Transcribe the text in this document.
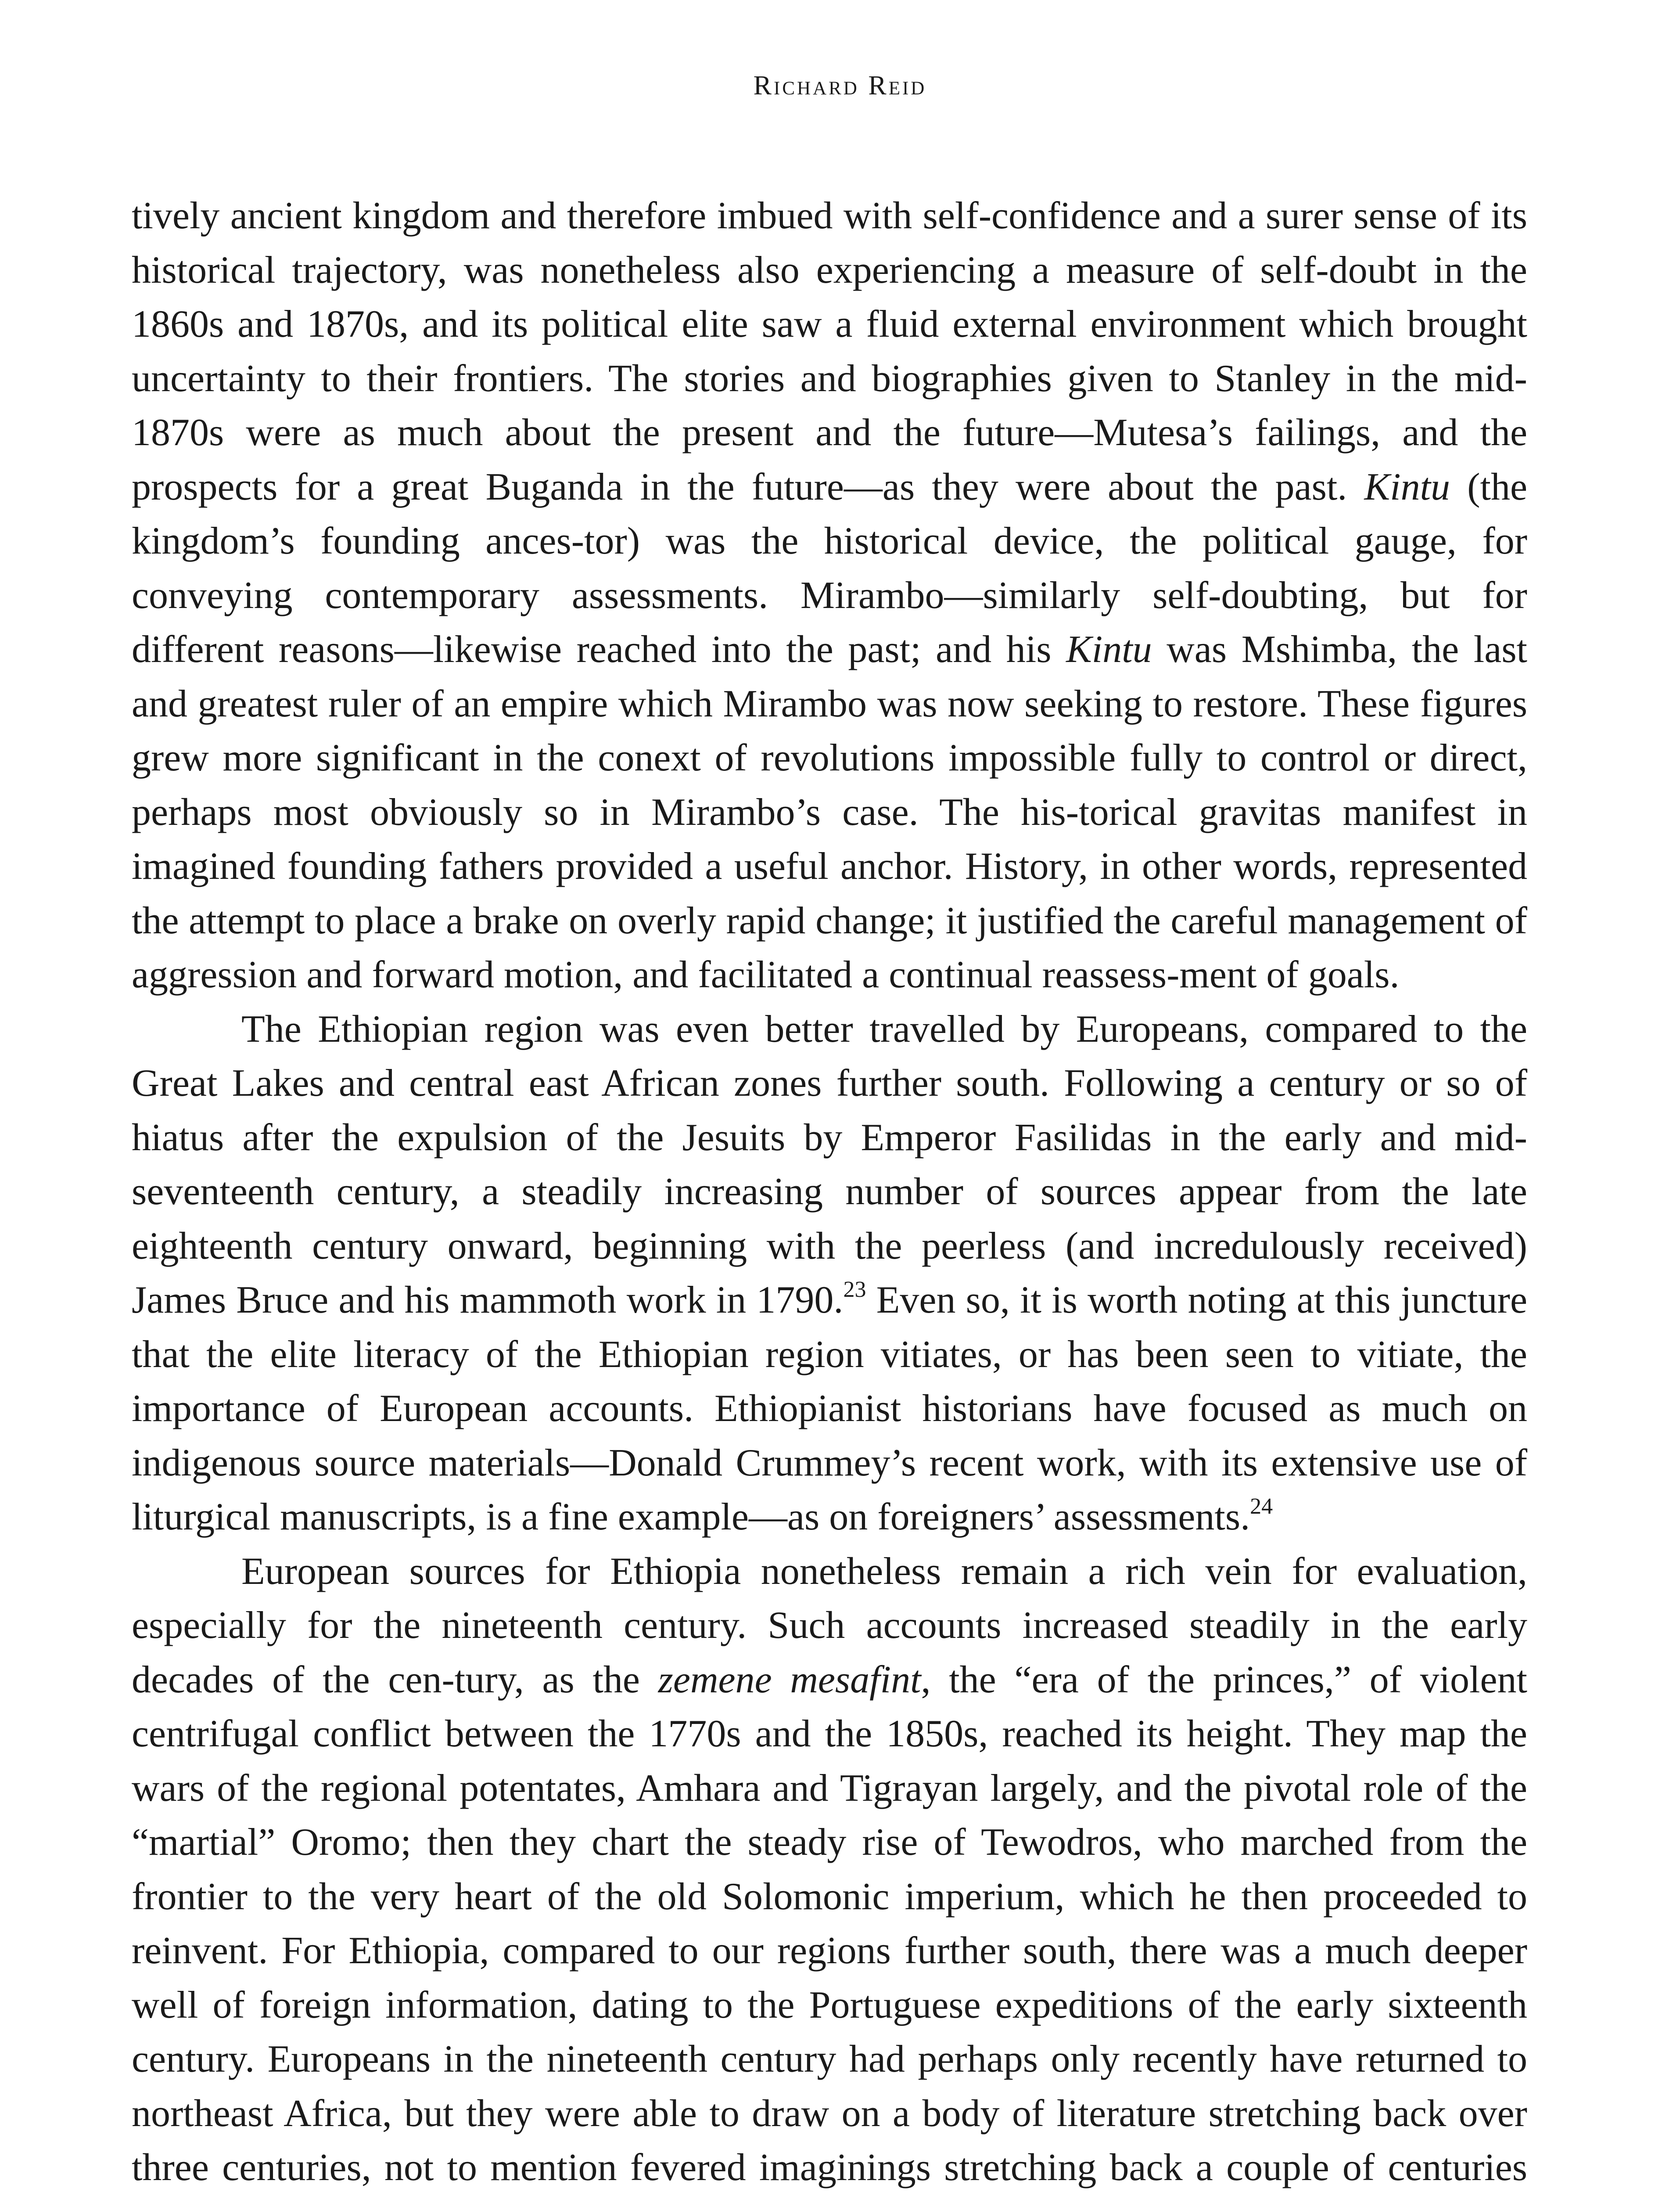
Richard Reid

tively ancient kingdom and therefore imbued with self-confidence and a surer sense of its historical trajectory, was nonetheless also experiencing a measure of self-doubt in the 1860s and 1870s, and its political elite saw a fluid external environment which brought uncertainty to their frontiers. The stories and biographies given to Stanley in the mid-1870s were as much about the present and the future—Mutesa’s failings, and the prospects for a great Buganda in the future—as they were about the past. Kintu (the kingdom’s founding ances-tor) was the historical device, the political gauge, for conveying contemporary assessments. Mirambo—similarly self-doubting, but for different reasons—likewise reached into the past; and his Kintu was Mshimba, the last and greatest ruler of an empire which Mirambo was now seeking to restore. These figures grew more significant in the conext of revolutions impossible fully to control or direct, perhaps most obviously so in Mirambo’s case. The his-torical gravitas manifest in imagined founding fathers provided a useful anchor. History, in other words, represented the attempt to place a brake on overly rapid change; it justified the careful management of aggression and forward motion, and facilitated a continual reassess-ment of goals.

The Ethiopian region was even better travelled by Europeans, compared to the Great Lakes and central east African zones further south. Following a century or so of hiatus after the expulsion of the Jesuits by Emperor Fasilidas in the early and mid-seventeenth century, a steadily increasing number of sources appear from the late eighteenth century onward, beginning with the peerless (and incredulously received) James Bruce and his mammoth work in 1790.23 Even so, it is worth noting at this juncture that the elite literacy of the Ethiopian region vitiates, or has been seen to vitiate, the importance of European accounts. Ethiopianist historians have focused as much on indigenous source materials—Donald Crummey’s recent work, with its extensive use of liturgical manuscripts, is a fine example—as on foreigners’ assessments.$^{24}$

European sources for Ethiopia nonetheless remain a rich vein for evaluation, especially for the nineteenth century. Such accounts increased steadily in the early decades of the cen-tury, as the zemene mesafint, the “era of the princes,” of violent centrifugal conflict between the 1770s and the 1850s, reached its height. They map the wars of the regional potentates, Amhara and Tigrayan largely, and the pivotal role of the “martial” Oromo; then they chart the steady rise of Tewodros, who marched from the frontier to the very heart of the old Solomonic imperium, which he then proceeded to reinvent. For Ethiopia, compared to our regions further south, there was a much deeper well of foreign information, dating to the Portuguese expeditions of the early sixteenth century. Europeans in the nineteenth century had perhaps only recently have returned to northeast Africa, but they were able to draw on a body of literature stretching back over three centuries, not to mention fevered imaginings stretching back a couple of centuries
